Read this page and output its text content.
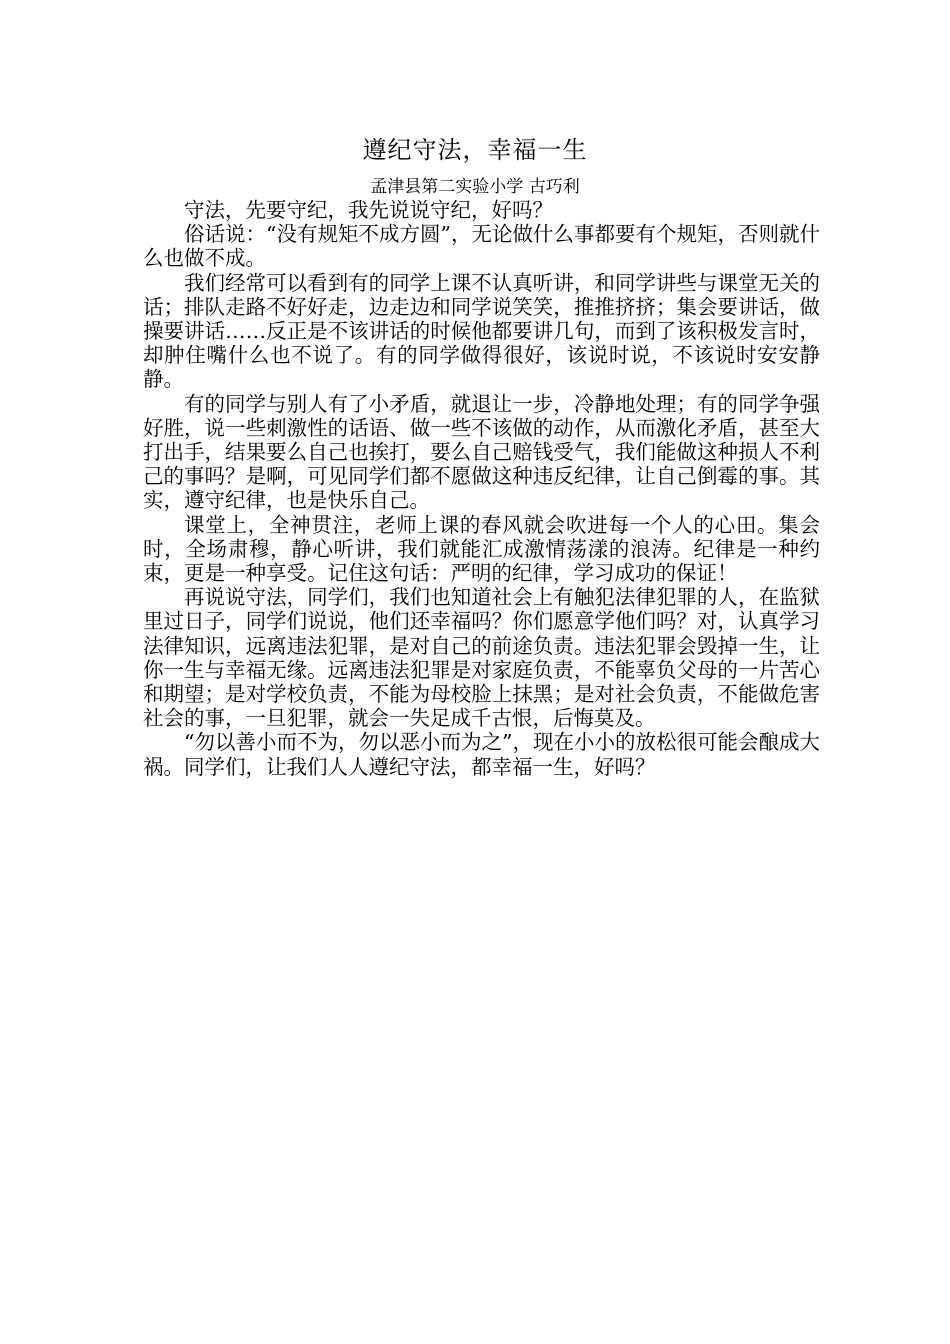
遵纪守法，幸福一生
孟津县第二实验小学 古巧利

守法，先要守纪，我先说说守纪，好吗？

俗话说：“没有规矩不成方圆”，无论做什么事都要有个规矩，否则就什么也做不成。

我们经常可以看到有的同学上课不认真听讲，和同学讲些与课堂无关的话；排队走路不好好走，边走边和同学说笑笑，推推挤挤；集会要讲话，做操要讲话……反正是不该讲话的时候他都要讲几句，而到了该积极发言时，却肿住嘴什么也不说了。有的同学做得很好，该说时说，不该说时安安静静。

有的同学与别人有了小矛盾，就退让一步，冷静地处理；有的同学争强好胜，说一些刺激性的话语、做一些不该做的动作，从而激化矛盾，甚至大打出手，结果要么自己也挨打，要么自己赔钱受气，我们能做这种损人不利己的事吗？是啊，可见同学们都不愿做这种违反纪律，让自己倒霉的事。其实，遵守纪律，也是快乐自己。

课堂上，全神贯注，老师上课的春风就会吹进每一个人的心田。集会时，全场肃穆，静心听讲，我们就能汇成激情荡漾的浪涛。纪律是一种约束，更是一种享受。记住这句话：严明的纪律，学习成功的保证！

再说说守法，同学们，我们也知道社会上有触犯法律犯罪的人，在监狱里过日子，同学们说说，他们还幸福吗？你们愿意学他们吗？对，认真学习法律知识，远离违法犯罪，是对自己的前途负责。违法犯罪会毁掉一生，让你一生与幸福无缘。远离违法犯罪是对家庭负责，不能辜负父母的一片苦心和期望；是对学校负责，不能为母校脸上抹黑；是对社会负责，不能做危害社会的事，一旦犯罪，就会一失足成千古恨，后悔莫及。

“勿以善小而不为，勿以恶小而为之”，现在小小的放松很可能会酿成大祸。同学们，让我们人人遵纪守法，都幸福一生，好吗？
